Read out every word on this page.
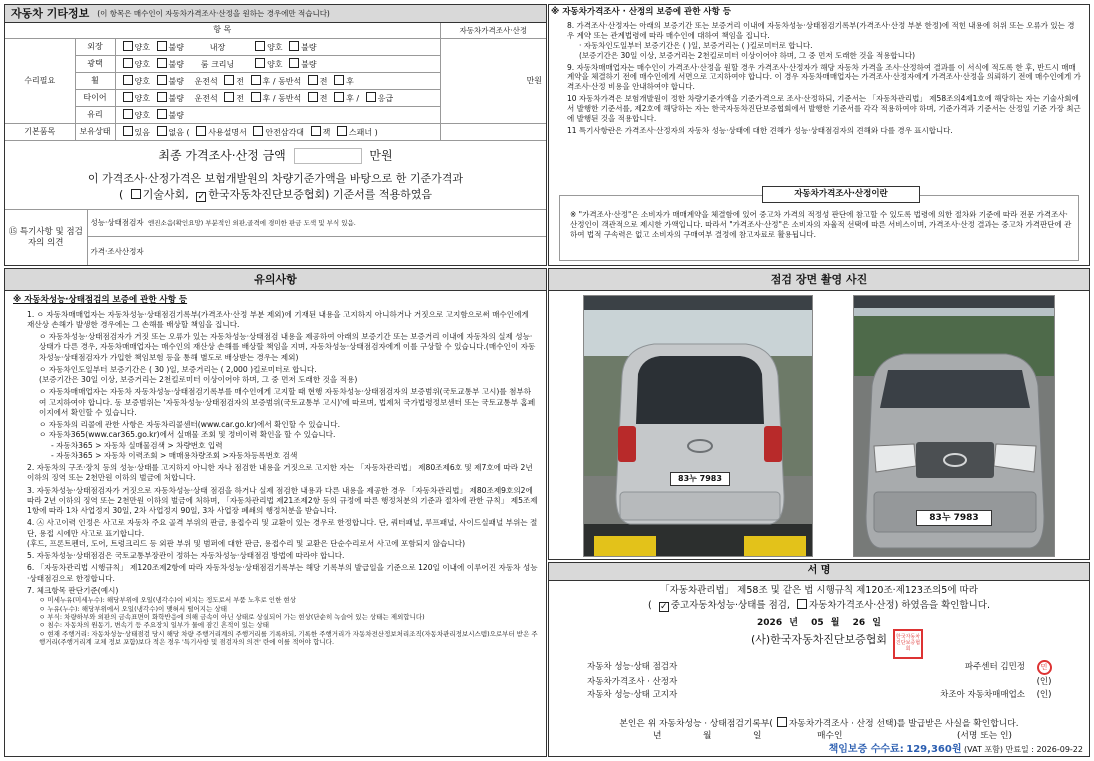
자동차 기타정보 (이 항목은 매수인이 자동차가격조사·산정을 원하는 경우에만 적습니다)
항 목			자동차가격조사·산정
수리필요	외장	양호 불량 내장 양호 불량	만원
	광택	양호 불량 룸 크리닝 양호 불량	
	휠	양호 불량 운전석 전 후 / 동반석 전 후	
	타이어	양호 불량 운전석 전 후 / 동반석 전 후 / 응급	
	유리	양호 불량	
기본품목	보유상태	있음 없음 ( 사용설명서 안전삼각대 잭 스패너 )	
최종 가격조사·산정 금액	만원
이 가격조사·산정가격은 보험개발원의 차량기준가액을 바탕으로 한 기준가격과
( 기술사회, ✓ 한국자동차진단보증협회) 기준서를 적용하였음
⑮ 특기사항 및 점검자의 의견	성능·상태점검자 엔진소음(확인요망) 부분적인 외판,골격에 경미한 판금 도색 및 부식 있음.
가격·조사산정자
※ 자동차가격조사 · 산정의 보증에 관한 사항 등
8. 가격조사·산정자는 아래의 보증기간 또는 보증거리 이내에 자동차성능·상태점검기록부(가격조사·산정 부분 한정)에 적힌 내용에 허위 또는 오류가 있는 경우 계약 또는 관계법령에 따라 매수인에 대하여 책임을 집니다.
· 자동차인도일부터 보증기간은 ( )일, 보증거리는 ( )킬로미터로 합니다.
(보증기간은 30일 이상, 보증거리는 2천킬로미터 이상이어야 하며, 그 중 먼저 도래한 것을 적용합니다)
9. 자동차매매업자는 매수인이 가격조사·산정을 원할 경우 가격조사·산정자가 해당 자동차 가격을 조사·산정하여 결과를 이 서식에 적도록 한 후, 반드시 매매계약을 체결하기 전에 매수인에게 서면으로 고지하여야 합니다. 이 경우 자동차매매업자는 가격조사·산정자에게 가격조사·산정을 의뢰하기 전에 매수인에게 가격조사·산정 비용을 안내하여야 합니다.
10 자동차가격은 보험개발원이 정한 차량기준가액을 기준가격으로 조사·산정하되, 기준서는 「자동차관리법」 제58조의4제1호에 해당하는 자는 기술사회에서 발행한 기준서를, 제2호에 해당하는 자는 한국자동차진단보증협회에서 발행한 기준서를 각각 적용하여야 하며, 기준가격과 기준서는 산정일 기준 가장 최근에 발행된 것을 적용합니다.
11 특기사항란은 가격조사·산정자의 자동차 성능·상태에 대한 견해가 성능·상태점검자의 견해와 다를 경우 표시합니다.
자동차가격조사·산정이란
※ "가격조사·산정"은 소비자가 매매계약을 체결함에 있어 중고차 가격의 적정성 판단에 참고할 수 있도록 법령에 의한 절차와 기준에 따라 전문 가격조사·산정인이 객관적으로 제시한 가액입니다. 따라서 "가격조사·산정"은 소비자의 자율적 선택에 따른 서비스이며, 가격조사·산정 결과는 중고차 가격판단에 관하여 법적 구속력은 없고 소비자의 구매여부 결정에 참고자료로 활용됩니다.
유의사항
※ 자동차성능·상태점검의 보증에 관한 사항 등
1. ㅇ 자동차매매업자는 자동차성능·상태점검기록부(가격조사·산정 부분 제외)에 기재된 내용을 고지하지 아니하거나 거짓으로 고지함으로써 매수인에게 재산상 손해가 발생한 경우에는 그 손해를 배상할 책임을 집니다.
ㅇ 자동차성능·상태점검자가 거짓 또는 오류가 있는 자동차성능·상태점검 내용을 제공하여 아래의 보증기간 또는 보증거리 이내에 자동차의 실제 성능·상태가 다른 경우, 자동차매매업자는 매수인의 재산상 손해를 배상할 책임을 지며, 자동차성능·상태점검자에게 이를 구상할 수 있습니다.(매수인이 자동차성능·상태점검자가 가입한 책임보험 등을 통해 별도로 배상받는 경우는 제외)
ㅇ 자동차인도일부터 보증기간은 ( 30 )일, 보증거리는 ( 2,000 )킬로미터로 합니다.
(보증기간은 30일 이상, 보증거리는 2천킬로미터 이상이어야 하며, 그 중 먼저 도래한 것을 적용)
ㅇ 자동차매매업자는 자동차 자동차성능·상태점검기록부를 매수인에게 고지할 때 현행 자동차성능·상태점검자의 보증범위(국토교통부 고시)를 첨부하여 고지하여야 합니다. 동 보증범위는 '자동차성능·상태점검자의 보증범위(국토교통부 고시)'에 따르며, 법제처 국가법령정보센터 또는 국토교통부 홈페이지에서 확인할 수 있습니다.
ㅇ 자동차의 리콜에 관한 사항은 자동차리콜센터(www.car.go.kr)에서 확인할 수 있습니다.
ㅇ 자동차365(www.car365.go.kr)에서 실매물 조회 및 정비이력 확인을 할 수 있습니다.
- 자동차365 > 자동차 실매물검색 > 차량번호 입력
- 자동차365 > 자동차 이력조회 > 매매용차량조회 >자동차등록번호 검색
2. 자동차의 구조·장치 등의 성능·상태를 고지하지 아니한 자나 점검한 내용을 거짓으로 고지한 자는 「자동차관리법」 제80조제6호 및 제7호에 따라 2년 이하의 징역 또는 2천만원 이하의 벌금에 처합니다.
3. 자동차성능·상태점검자가 거짓으로 자동차성능·상태 점검을 하거나 실제 점검한 내용과 다른 내용을 제공한 경우 「자동차관리법」 제80조제9호의2에 따라 2년 이하의 징역 또는 2천만원 이하의 벌금에 처하며, 「자동차관리법 제21조제2항 등의 규정에 따른 행정처분의 기준과 절차에 관한 규칙」 제5조제1항에 따라 1차 사업정지 30일, 2차 사업정지 90일, 3차 사업장 폐쇄의 행정처분을 받습니다.
4. ㉦ 사고이력 인정은 사고로 자동차 주요 골격 부위의 판금, 용접수리 및 교환이 있는 경우로 한정합니다. 단, 쿼터패널, 루프패널, 사이드실패널 부위는 절단, 용접 시에만 사고로 표기합니다.
(후드, 프론트펜더, 도어, 트렁크리드 등 외판 부위 및 범퍼에 대한 판금, 용접수리 및 교환은 단순수리로서 사고에 포함되지 않습니다)
5. 자동차성능·상태점검은 국토교통부장관이 정하는 자동차성능·상태점검 방법에 따라야 합니다.
6. 「자동차관리법 시행규칙」 제120조제2항에 따라 자동차성능·상태점검기록부는 해당 기록부의 발급일을 기준으로 120일 이내에 이루어진 자동차 성능·상태점검으로 한정합니다.
7. 체크항목 판단기준(예시)
ㅇ 미세누유(미세누수): 해당부위에 오일(냉각수)이 비치는 정도로서 부품 노후로 인한 현상
ㅇ 누유(누수): 해당부위에서 오일(냉각수)이 맺혀서 떨어지는 상태
ㅇ 부식: 차량하부와 외판의 금속표면이 화학반응에 의해 금속이 아닌 상태로 상실되어 가는 현상(단순히 녹슬어 있는 상태는 제외합니다)
ㅇ 침수: 자동차의 원동기, 변속기 등 주요장치 일부가 물에 잠긴 흔적이 있는 상태
ㅇ 현재 주행거리: 자동차성능·상태점검 당시 해당 차량 주행거리계의 주행거리를 기록하되, 기록한 주행거리가 자동차전산정보처리조직(자동차관리정보시스템)으로부터 받은 주행거리(주행거리계 교체 정보 포함)보다 적은 경우 '특기사항 및 점검자의 의견' 란에 이를 적어야 합니다.
점검 장면 촬영 사진
83누 7983
83누 7983
서 명
「자동차관리법」 제58조 및 같은 법 시행규칙 제120조·제123조의5에 따라
( ✓ 중고자동차성능·상태를 점검, 자동차가격조사·산정) 하였음을 확인합니다.
2026 년 05 월 26 일
(사)한국자동차진단보증협회	한국자동차진단보증협회
자동차 성능·상태 점검자	파주센터 김민정	민
자동차가격조사 · 산정자		(인)
자동차 성능·상태 고지자	차조아 자동차매매업소	(인)
본인은 위 자동차성능 · 상태점검기록부( 자동차가격조사 · 산정 선택)를 발급받은 사실을 확인합니다.
년	월	일	매수인	(서명 또는 인)
책임보증 수수료: 129,360원 (VAT 포함) 만료일 : 2026-09-22
